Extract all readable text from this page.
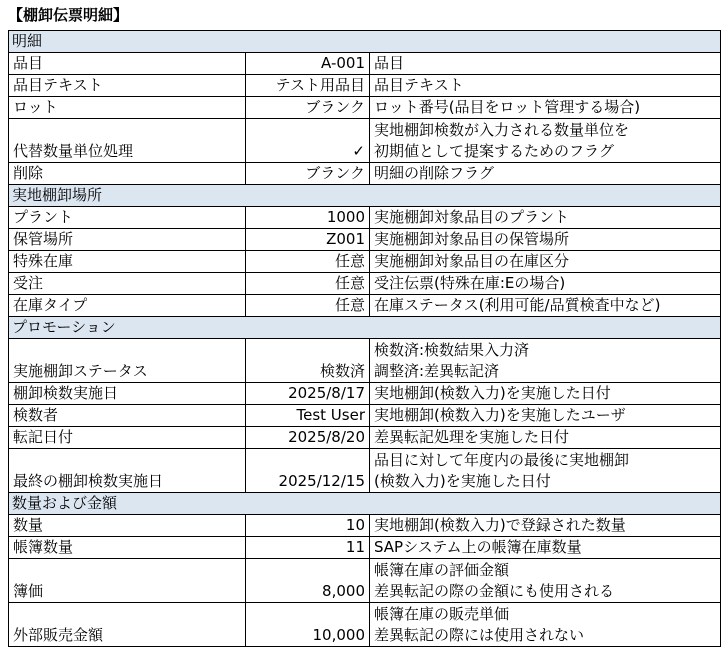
【棚卸伝票明細】
明細		
品目	A-001	品目

品目テキスト	テスト用品目	品目テキスト

ロット	ブランク	ロット番号(品目をロット管理する場合)

代替数量単位処理	✓	実地棚卸検数が入力される数量単位を
初期値として提案するためのフラグ

削除	ブランク	明細の削除フラグ

実地棚卸場所		
プラント	1000	実施棚卸対象品目のプラント

保管場所	Z001	実施棚卸対象品目の保管場所

特殊在庫	任意	実施棚卸対象品目の在庫区分

受注	任意	受注伝票(特殊在庫:Eの場合)

在庫タイプ	任意	在庫ステータス(利用可能/品質検査中など)

プロモーション		
実施棚卸ステータス	検数済	検数済:検数結果入力済
調整済:差異転記済

棚卸検数実施日	2025/8/17	実地棚卸(検数入力)を実施した日付

検数者	Test User	実地棚卸(検数入力)を実施したユーザ

転記日付	2025/8/20	差異転記処理を実施した日付

最終の棚卸検数実施日	2025/12/15	品目に対して年度内の最後に実地棚卸
(検数入力)を実施した日付

数量および金額		
数量	10	実地棚卸(検数入力)で登録された数量

帳簿数量	11	SAPシステム上の帳簿在庫数量

簿価	8,000	帳簿在庫の評価金額
差異転記の際の金額にも使用される

外部販売金額	10,000	帳簿在庫の販売単価
差異転記の際には使用されない
